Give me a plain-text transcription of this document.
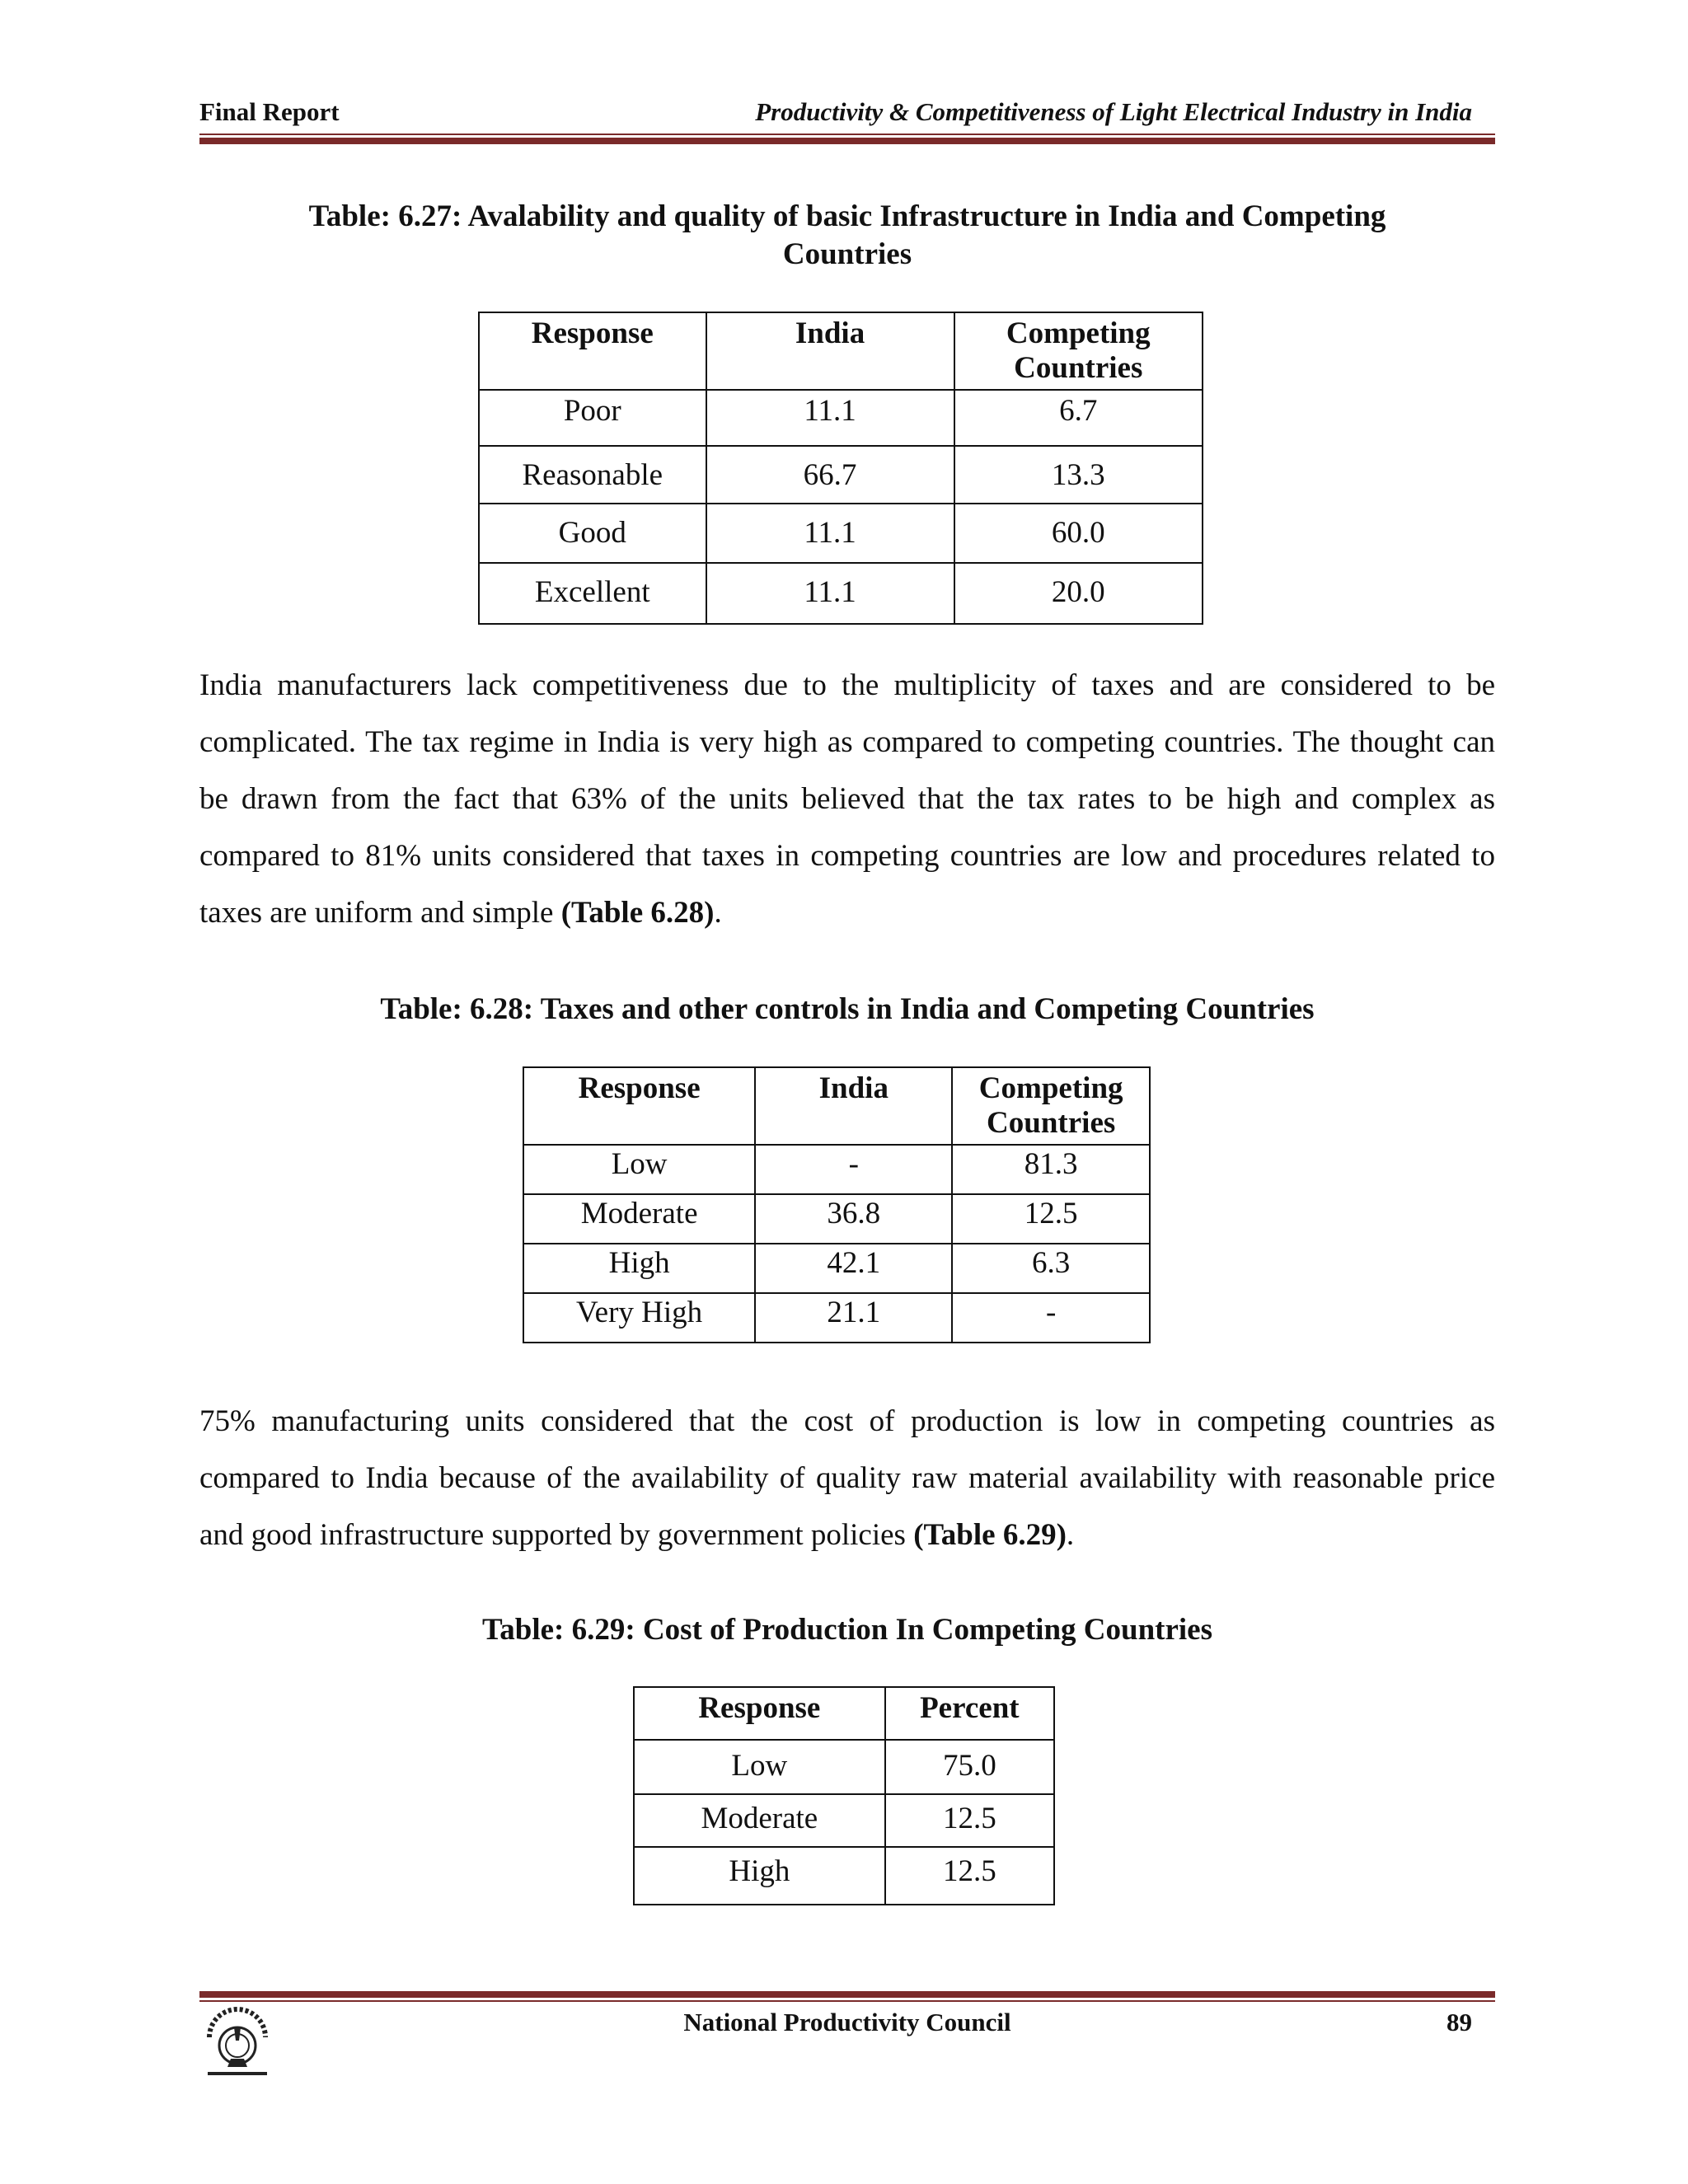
Final Report	Productivity & Competitiveness of Light Electrical Industry in India
Table: 6.27: Avalability and quality of basic Infrastructure in India and Competing
Countries
Response	India	Competing Countries
Poor	11.1	6.7
Reasonable	66.7	13.3
Good	11.1	60.0
Excellent	11.1	20.0
India manufacturers lack competitiveness due to the multiplicity of taxes and are considered to be complicated. The tax regime in India is very high as compared to competing countries. The thought can be drawn from the fact that 63% of the units believed that the tax rates to be high and complex as compared to 81% units considered that taxes in competing countries are low and procedures related to taxes are uniform and simple (Table 6.28).
Table: 6.28: Taxes and other controls in India and Competing Countries
Response	India	Competing Countries
Low	-	81.3
Moderate	36.8	12.5
High	42.1	6.3
Very High	21.1	-
75% manufacturing units considered that the cost of production is low in competing countries as compared to India because of the availability of quality raw material availability with reasonable price and good infrastructure supported by government policies (Table 6.29).
Table: 6.29: Cost of Production In Competing Countries
Response	Percent
Low	75.0
Moderate	12.5
High	12.5
National Productivity Council	89
